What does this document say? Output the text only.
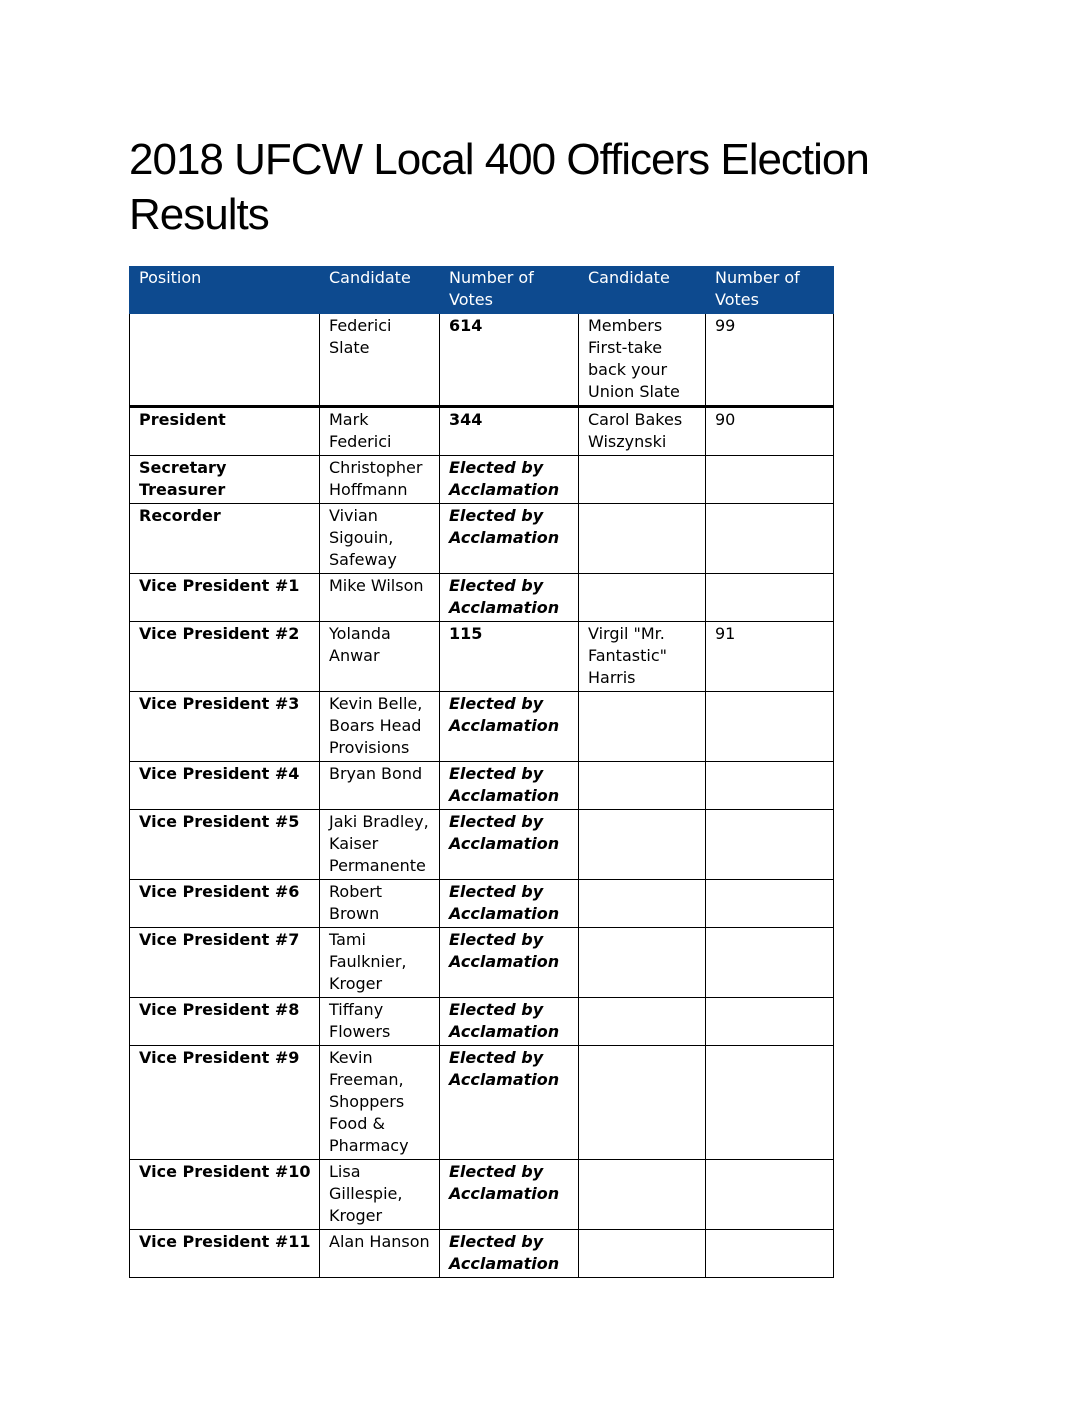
2018 UFCW Local 400 Officers Election Results
Position	Candidate	Number of Votes	Candidate	Number of Votes
	Federici Slate	614	Members First-take back your Union Slate	99
President	Mark Federici	344	Carol Bakes Wiszynski	90
Secretary Treasurer	Christopher Hoffmann	Elected by Acclamation		
Recorder	Vivian Sigouin, Safeway	Elected by Acclamation		
Vice President #1	Mike Wilson	Elected by Acclamation		
Vice President #2	Yolanda Anwar	115	Virgil "Mr. Fantastic" Harris	91
Vice President #3	Kevin Belle, Boars Head Provisions	Elected by Acclamation		
Vice President #4	Bryan Bond	Elected by Acclamation		
Vice President #5	Jaki Bradley, Kaiser Permanente	Elected by Acclamation		
Vice President #6	Robert Brown	Elected by Acclamation		
Vice President #7	Tami Faulknier, Kroger	Elected by Acclamation		
Vice President #8	Tiffany Flowers	Elected by Acclamation		
Vice President #9	Kevin Freeman, Shoppers Food & Pharmacy	Elected by Acclamation		
Vice President #10	Lisa Gillespie, Kroger	Elected by Acclamation		
Vice President #11	Alan Hanson	Elected by Acclamation		
